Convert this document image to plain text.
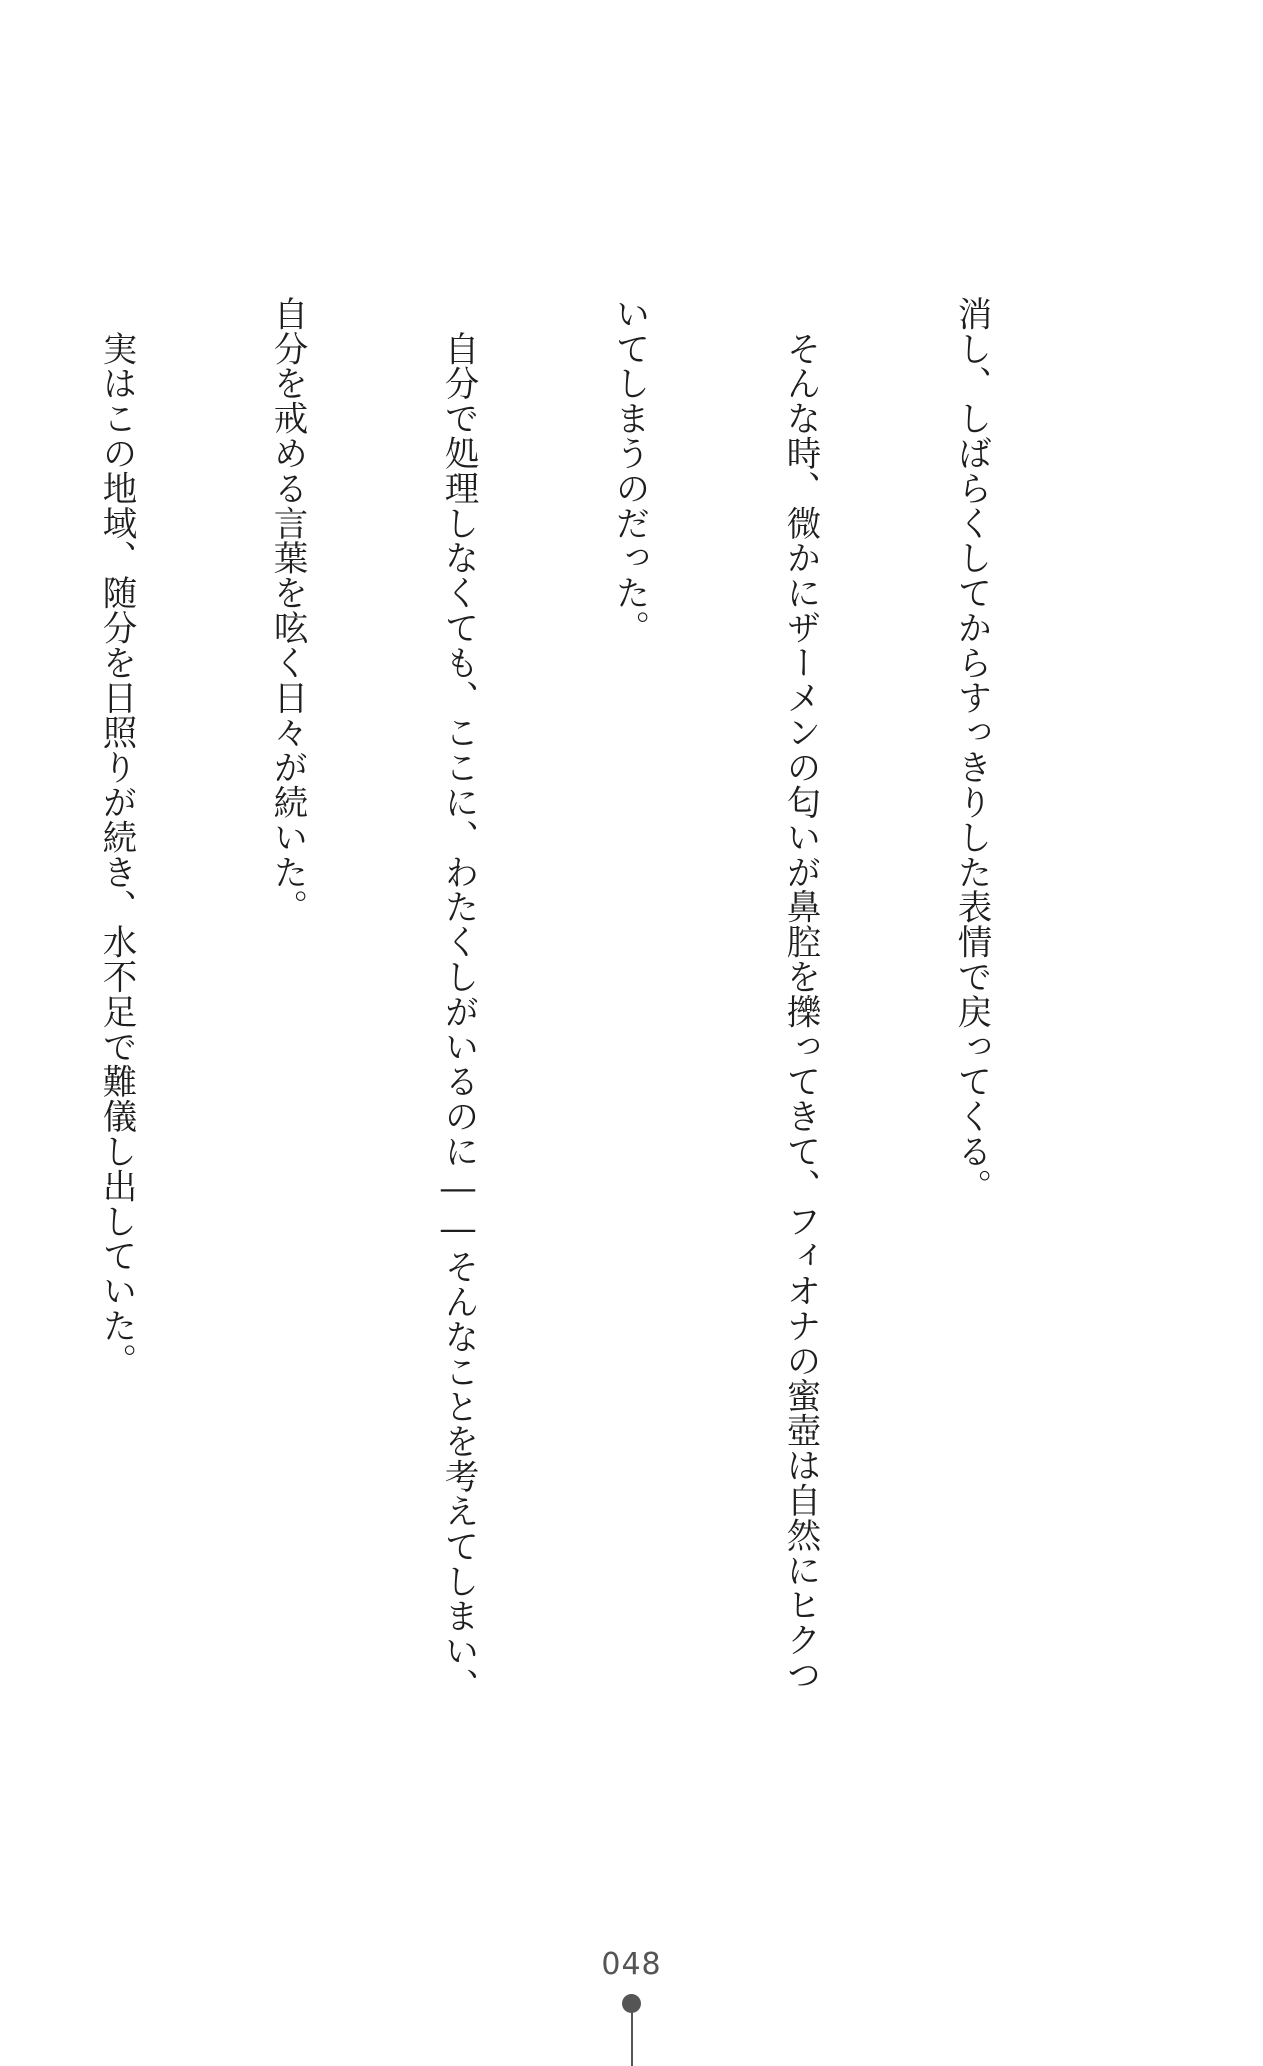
消し、しばらくしてからすっきりした表情で戻ってくる。

　そんな時、微かにザーメンの匂いが鼻腔を擽ってきて、フィオナの蜜壺は自然にヒクつ

いてしまうのだった。

　自分で処理しなくても、ここに、わたくしがいるのに――そんなことを考えてしまい、

自分を戒める言葉を呟く日々が続いた。

　実はこの地域、随分を日照りが続き、水不足で難儀し出していた。

048
